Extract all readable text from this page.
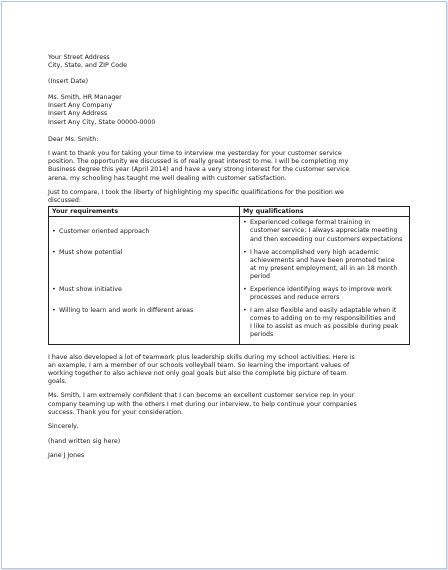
Your Street Address
City, State, and ZIP Code
(Insert Date)
Ms. Smith, HR Manager
Insert Any Company
Insert Any Address
Insert Any City, State 00000-0000
Dear Ms. Smith:
I want to thank you for taking your time to interview me yesterday for your customer service
position. The opportunity we discussed is of really great interest to me. I will be completing my
Business degree this year (April 2014) and have a very strong interest for the customer service
arena, my schooling has taught me well dealing with customer satisfaction.
Just to compare, I took the liberty of highlighting my specific qualifications for the position we
discussed:
Your requirements	My qualifications

• Customer oriented approach	• Experienced college formal training in
customer service; I always appreciate meeting
and then exceeding our customers expectations

• Must show potential	• I have accomplished very high academic
achievements and have been promoted twice
at my present employment, all in an 18 month
period

• Must show initiative	• Experience identifying ways to improve work
processes and reduce errors

• Willing to learn and work in different areas	• I am also flexible and easily adaptable when it
comes to adding on to my responsibilities and
I like to assist as much as possible during peak
periods
I have also developed a lot of teamwork plus leadership skills during my school activities. Here is
an example, I am a member of our schools volleyball team. So learning the important values of
working together to also achieve not only goal goals but also the complete big picture of team
goals.
Ms. Smith, I am extremely confident that I can become an excellent customer service rep in your
company teaming up with the others I met during our interview, to help continue your companies
success. Thank you for your consideration.
Sincerely,
(hand written sig here)
Jane J Jones
